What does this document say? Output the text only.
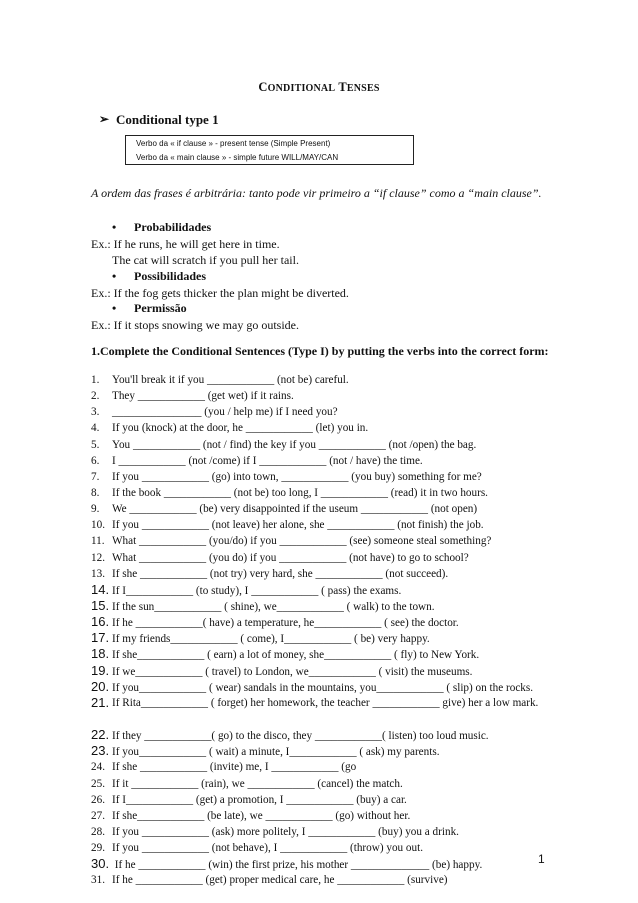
CONDITIONAL TENSES
➢ Conditional type 1
Verbo da « if clause » - present tense (Simple Present)
Verbo da « main clause » - simple future WILL/MAY/CAN
A ordem das frases é arbitrária: tanto pode vir primeiro a “if clause” como a “main clause”.
• Probabilidades
Ex.: If he runs, he will get here in time.
The cat will scratch if you pull her tail.
• Possibilidades
Ex.: If the fog gets thicker the plan might be diverted.
• Permissão
Ex.: If it stops snowing we may go outside.
1.Complete the Conditional Sentences (Type I) by putting the verbs into the correct form:
1. You'll break it if you ____________ (not be) careful.
2. They ____________ (get wet) if it rains.
3. ________________ (you / help me) if I need you?
4. If you (knock) at the door, he ____________ (let) you in.
5. You ____________ (not / find) the key if you ____________ (not /open) the bag.
6. I ____________ (not /come) if I ____________ (not / have) the time.
7. If you ____________ (go) into town, ____________ (you buy) something for me?
8. If the book ____________ (not be) too long, I ____________ (read) it in two hours.
9. We ____________ (be) very disappointed if the useum ____________ (not open)
10. If you ____________ (not leave) her alone, she ____________ (not finish) the job.
11. What ____________ (you/do) if you ____________ (see) someone steal something?
12. What ____________ (you do) if you ____________ (not have) to go to school?
13. If she ____________ (not try) very hard, she ____________ (not succeed).
14. If I____________ (to study), I ____________ ( pass) the exams.
15. If the sun____________ ( shine), we____________ ( walk) to the town.
16. If he ____________( have) a temperature, he____________ ( see) the doctor.
17. If my friends____________ ( come), I____________ ( be) very happy.
18. If she____________ ( earn) a lot of money, she____________ ( fly) to New York.
19. If we____________ ( travel) to London, we____________ ( visit) the museums.
20. If you____________ ( wear) sandals in the mountains, you____________ ( slip) on the rocks.
21. If Rita____________ ( forget) her homework, the teacher ____________ give) her a low mark.
22. If they ____________( go) to the disco, they ____________( listen) too loud music.
23. If you____________ ( wait) a minute, I____________ ( ask) my parents.
24. If she ____________ (invite) me, I ____________ (go
25. If it ____________ (rain), we ____________ (cancel) the match.
26. If I____________ (get) a promotion, I ____________ (buy) a car.
27. If she____________ (be late), we ____________ (go) without her.
28. If you ____________ (ask) more politely, I ____________ (buy) you a drink.
29. If you ____________ (not behave), I ____________ (throw) you out.
30. If he ____________ (win) the first prize, his mother ______________ (be) happy.
31. If he ____________ (get) proper medical care, he ____________ (survive)
1
